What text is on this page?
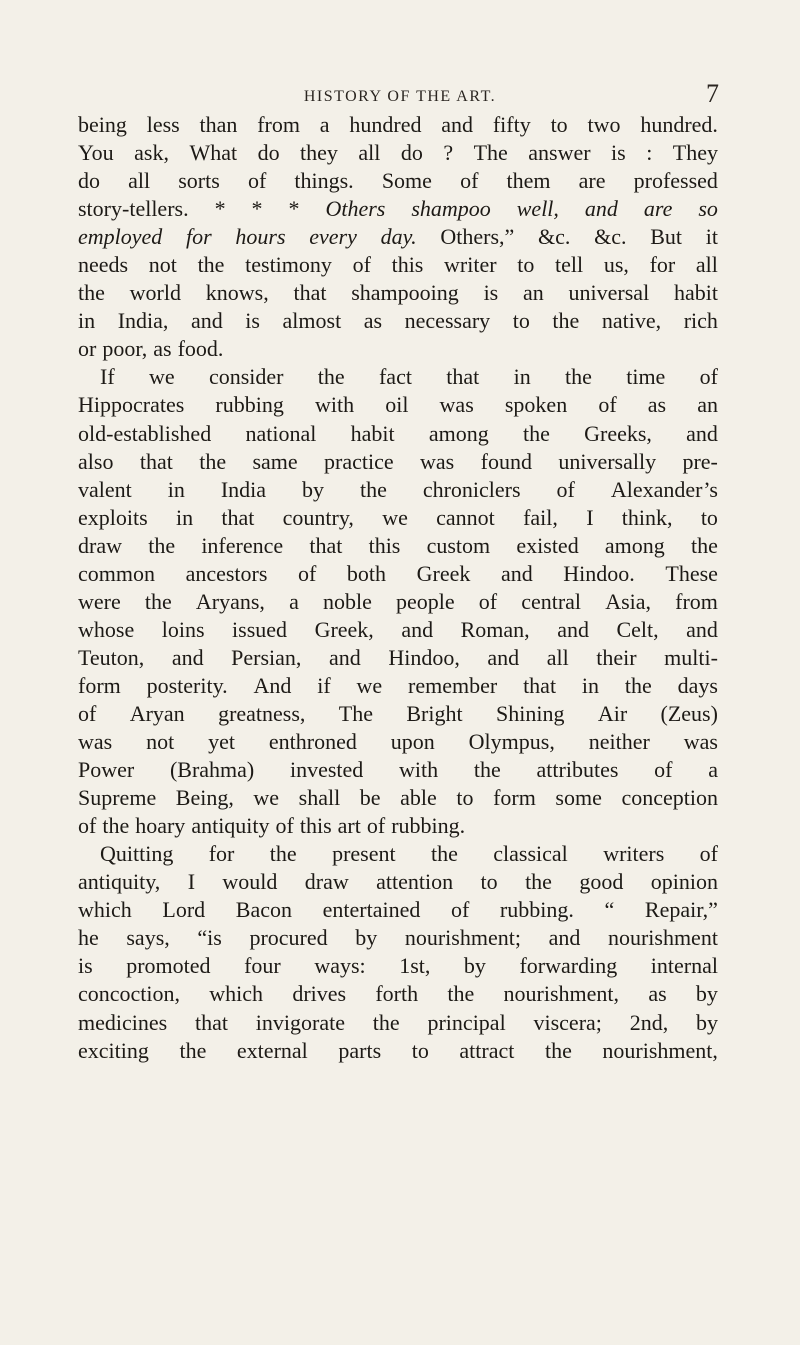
HISTORY OF THE ART.	7
being less than from a hundred and fifty to two hundred.
You ask, What do they all do ? The answer is : They
do all sorts of things. Some of them are professed
story-tellers. * * * Others shampoo well, and are so
employed for hours every day. Others,” &c. &c. But it
needs not the testimony of this writer to tell us, for all
the world knows, that shampooing is an universal habit
in India, and is almost as necessary to the native, rich
or poor, as food.
If we consider the fact that in the time of
Hippocrates rubbing with oil was spoken of as an
old-established national habit among the Greeks, and
also that the same practice was found universally pre-
valent in India by the chroniclers of Alexander’s
exploits in that country, we cannot fail, I think, to
draw the inference that this custom existed among the
common ancestors of both Greek and Hindoo. These
were the Aryans, a noble people of central Asia, from
whose loins issued Greek, and Roman, and Celt, and
Teuton, and Persian, and Hindoo, and all their multi-
form posterity. And if we remember that in the days
of Aryan greatness, The Bright Shining Air (Zeus)
was not yet enthroned upon Olympus, neither was
Power (Brahma) invested with the attributes of a
Supreme Being, we shall be able to form some conception
of the hoary antiquity of this art of rubbing.
Quitting for the present the classical writers of
antiquity, I would draw attention to the good opinion
which Lord Bacon entertained of rubbing. “ Repair,”
he says, “is procured by nourishment; and nourishment
is promoted four ways: 1st, by forwarding internal
concoction, which drives forth the nourishment, as by
medicines that invigorate the principal viscera; 2nd, by
exciting the external parts to attract the nourishment,
